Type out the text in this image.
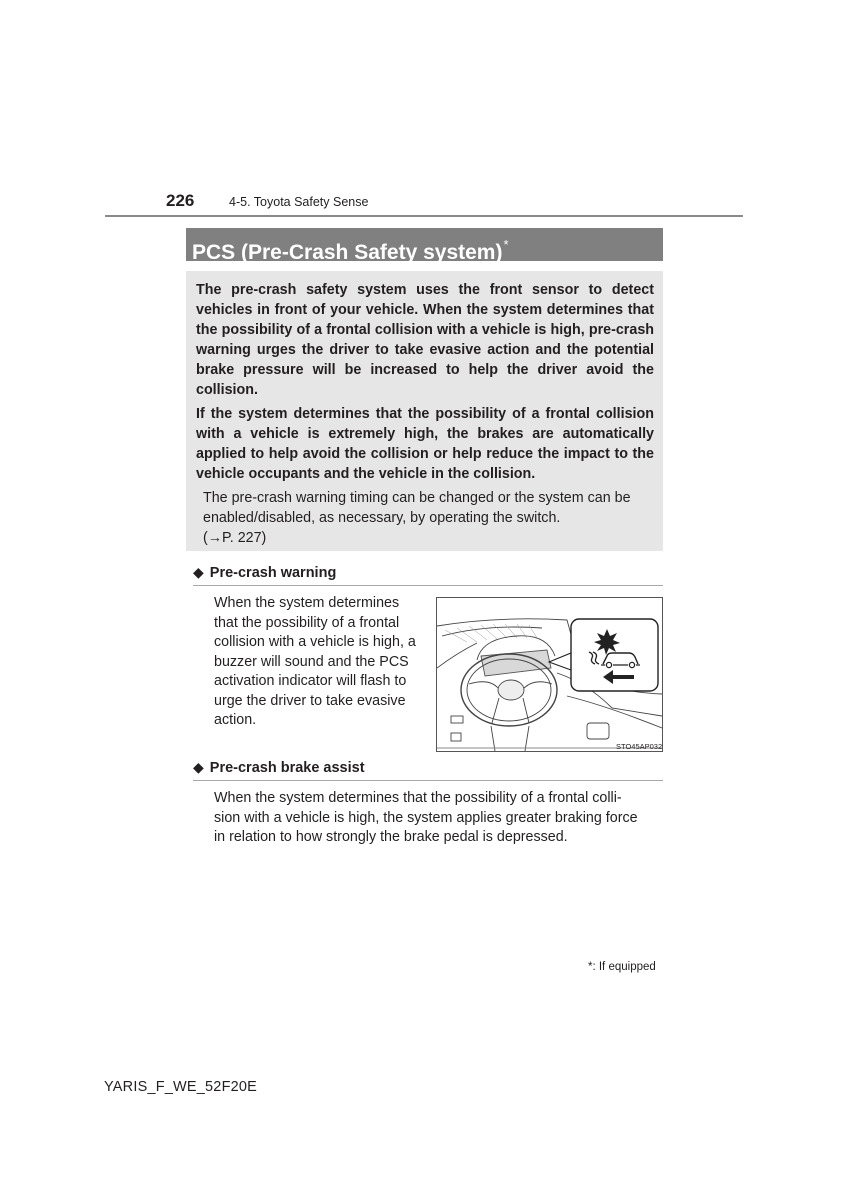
226	4-5. Toyota Safety Sense
PCS (Pre-Crash Safety system)*

The pre-crash safety system uses the front sensor to detect vehicles in front of your vehicle. When the system determines that the possibility of a frontal collision with a vehicle is high, pre-crash warning urges the driver to take evasive action and the potential brake pressure will be increased to help the driver avoid the collision.

If the system determines that the possibility of a frontal collision with a vehicle is extremely high, the brakes are automatically applied to help avoid the collision or help reduce the impact to the vehicle occupants and the vehicle in the collision.

The pre-crash warning timing can be changed or the system can be

enabled/disabled, as necessary, by operating the switch.

(→P. 227)

◆ Pre-crash warning

When the system determines

that the possibility of a frontal

collision with a vehicle is high, a

buzzer will sound and the PCS

activation indicator will flash to

urge the driver to take evasive

action.

STO45AP032
◆ Pre-crash brake assist

When the system determines that the possibility of a frontal colli-

sion with a vehicle is high, the system applies greater braking force

in relation to how strongly the brake pedal is depressed.

*: If equipped
YARIS_F_WE_52F20E
